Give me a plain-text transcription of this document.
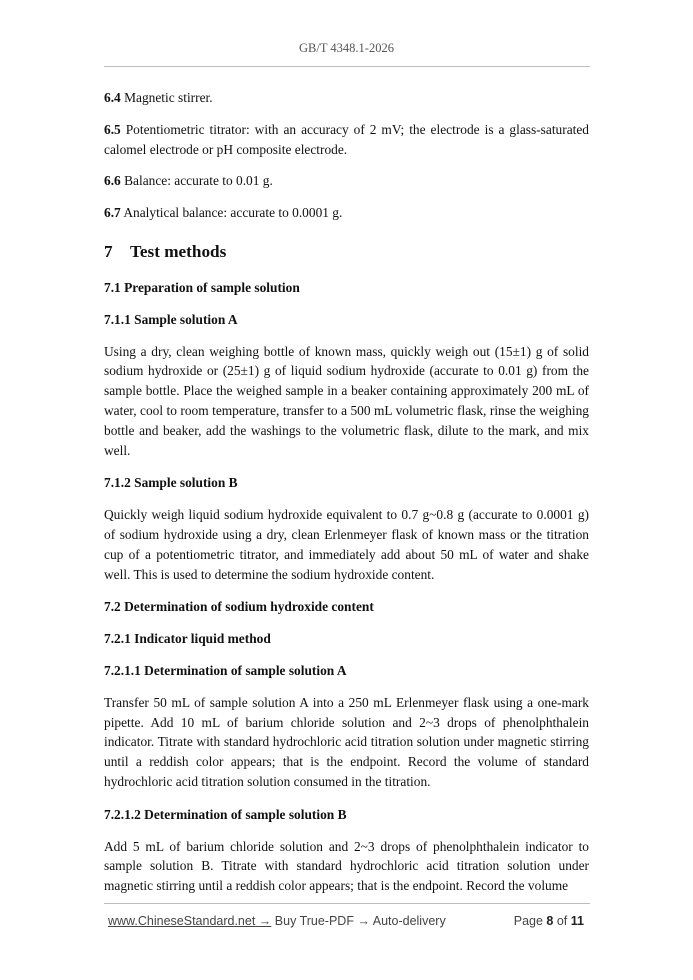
GB/T 4348.1-2026

6.4 Magnetic stirrer.

6.5 Potentiometric titrator: with an accuracy of 2 mV; the electrode is a glass-saturated calomel electrode or pH composite electrode.

6.6 Balance: accurate to 0.01 g.

6.7 Analytical balance: accurate to 0.0001 g.

7 Test methods
7.1 Preparation of sample solution
7.1.1 Sample solution A

Using a dry, clean weighing bottle of known mass, quickly weigh out (15±1) g of solid sodium hydroxide or (25±1) g of liquid sodium hydroxide (accurate to 0.01 g) from the sample bottle. Place the weighed sample in a beaker containing approximately 200 mL of water, cool to room temperature, transfer to a 500 mL volumetric flask, rinse the weighing bottle and beaker, add the washings to the volumetric flask, dilute to the mark, and mix well.

7.1.2 Sample solution B

Quickly weigh liquid sodium hydroxide equivalent to 0.7 g~0.8 g (accurate to 0.0001 g) of sodium hydroxide using a dry, clean Erlenmeyer flask of known mass or the titration cup of a potentiometric titrator, and immediately add about 50 mL of water and shake well. This is used to determine the sodium hydroxide content.

7.2 Determination of sodium hydroxide content
7.2.1 Indicator liquid method
7.2.1.1 Determination of sample solution A

Transfer 50 mL of sample solution A into a 250 mL Erlenmeyer flask using a one-mark pipette. Add 10 mL of barium chloride solution and 2~3 drops of phenolphthalein indicator. Titrate with standard hydrochloric acid titration solution under magnetic stirring until a reddish color appears; that is the endpoint. Record the volume of standard hydrochloric acid titration solution consumed in the titration.

7.2.1.2 Determination of sample solution B

Add 5 mL of barium chloride solution and 2~3 drops of phenolphthalein indicator to sample solution B. Titrate with standard hydrochloric acid titration solution under magnetic stirring until a reddish color appears; that is the endpoint. Record the volume

www.ChineseStandard.net → Buy True-PDF → Auto-delivery	Page 8 of 11
